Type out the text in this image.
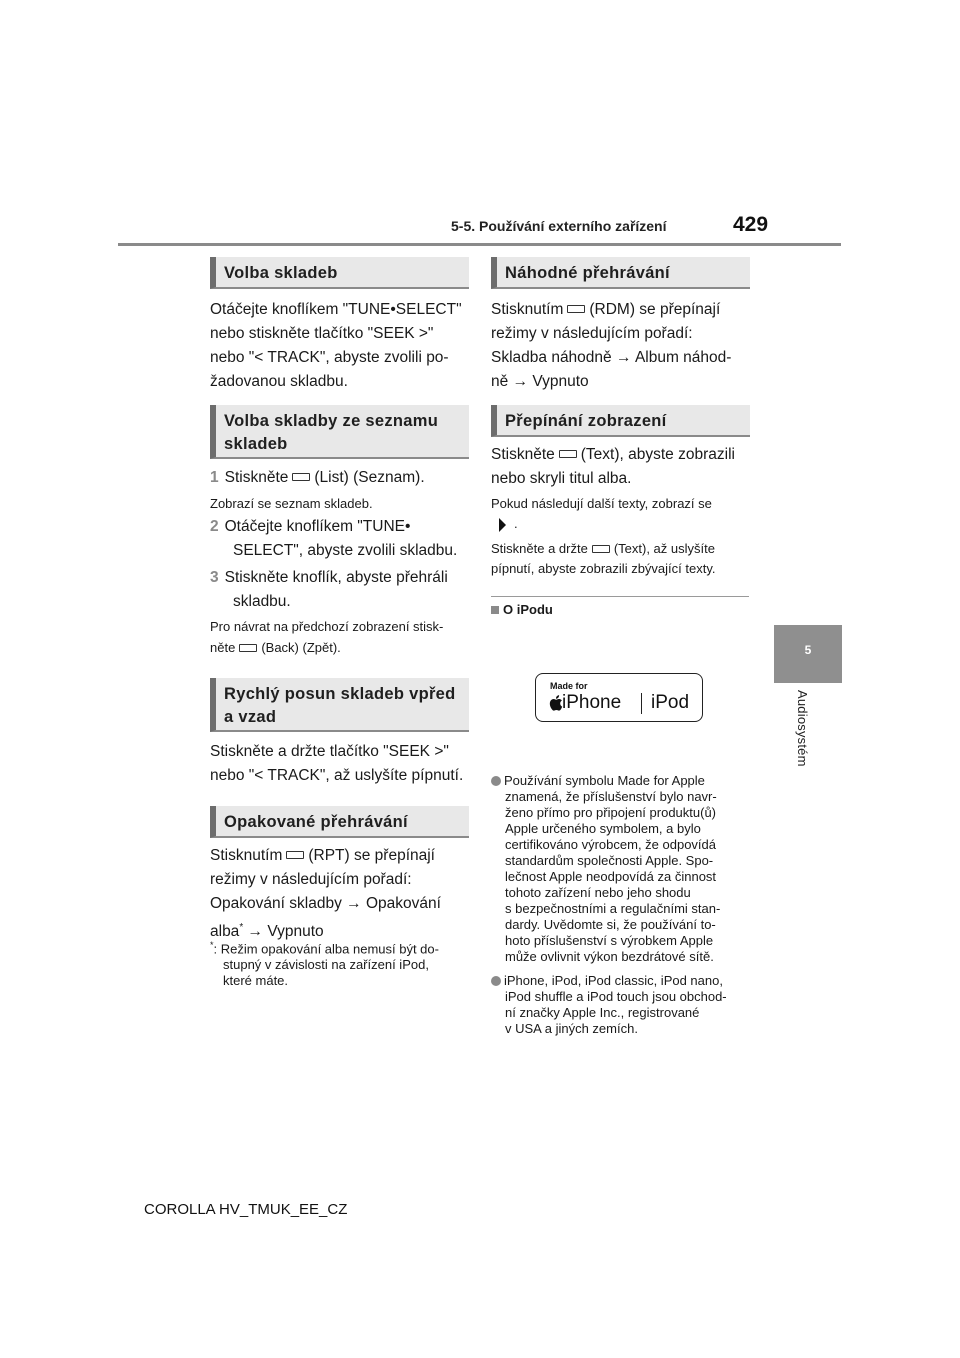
5-5. Používání externího zařízení	429
5
Audiosystém
Volba skladeb
Otáčejte knoflíkem "TUNE•SELECT"
nebo stiskněte tlačítko "SEEK >"
nebo "< TRACK", abyste zvolili po-
žadovanou skladbu.
Volba skladby ze seznamu
skladeb
1 Stiskněte (List) (Seznam).
Zobrazí se seznam skladeb.
2 Otáčejte knoflíkem "TUNE•
SELECT", abyste zvolili skladbu.
3 Stiskněte knoflík, abyste přehráli
skladbu.
Pro návrat na předchozí zobrazení stisk-
něte (Back) (Zpět).
Rychlý posun skladeb vpřed
a vzad
Stiskněte a držte tlačítko "SEEK >"
nebo "< TRACK", až uslyšíte pípnutí.
Opakované přehrávání
Stisknutím (RPT) se přepínají
režimy v následujícím pořadí:
Opakování skladby → Opakování
alba* → Vypnuto
*: Režim opakování alba nemusí být do-
stupný v závislosti na zařízení iPod,
které máte.
Náhodné přehrávání
Stisknutím (RDM) se přepínají
režimy v následujícím pořadí:
Skladba náhodně → Album náhod-
ně → Vypnuto
Přepínání zobrazení
Stiskněte (Text), abyste zobrazili
nebo skryli titul alba.
Pokud následují další texty, zobrazí se
.
Stiskněte a držte (Text), až uslyšíte
pípnutí, abyste zobrazili zbývající texty.
O iPodu
Made for
iPhone iPod
Používání symbolu Made for Apple
znamená, že příslušenství bylo navr-
ženo přímo pro připojení produktu(ů)
Apple určeného symbolem, a bylo
certifikováno výrobcem, že odpovídá
standardům společnosti Apple. Spo-
lečnost Apple neodpovídá za činnost
tohoto zařízení nebo jeho shodu
s bezpečnostními a regulačními stan-
dardy. Uvědomte si, že používání to-
hoto příslušenství s výrobkem Apple
může ovlivnit výkon bezdrátové sítě.
iPhone, iPod, iPod classic, iPod nano,
iPod shuffle a iPod touch jsou obchod-
ní značky Apple Inc., registrované
v USA a jiných zemích.
COROLLA HV_TMUK_EE_CZ
